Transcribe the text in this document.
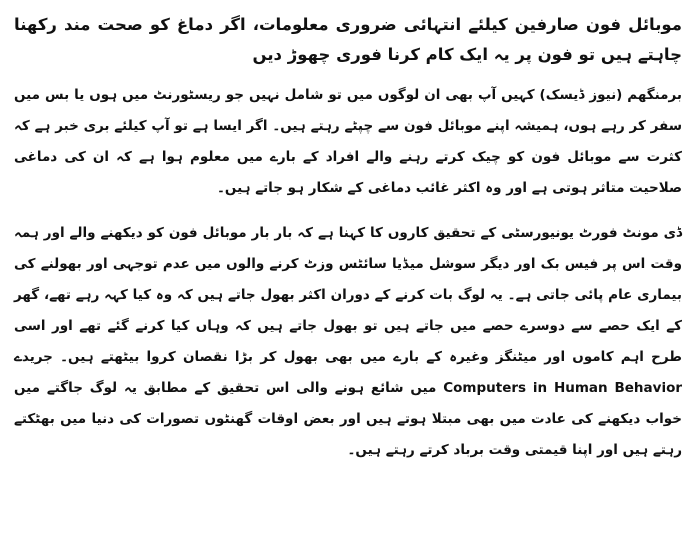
موبائل فون صارفین کیلئے انتہائی ضروری معلومات، اگر دماغ کو صحت مند رکھنا چاہتے ہیں تو فون پر یہ ایک کام کرنا فوری چھوڑ دیں

برمنگھم (نیوز ڈیسک) کہیں آپ بھی ان لوگوں میں تو شامل نہیں جو ریسٹورنٹ میں ہوں یا بس میں سفر کر رہے ہوں، ہمیشہ اپنے موبائل فون سے چپٹے رہتے ہیں۔ اگر ایسا ہے تو آپ کیلئے بری خبر ہے کہ کثرت سے موبائل فون کو چیک کرتے رہنے والے افراد کے بارے میں معلوم ہوا ہے کہ ان کی دماغی صلاحیت متاثر ہوتی ہے اور وہ اکثر غائب دماغی کے شکار ہو جاتے ہیں۔

ڈی مونٹ فورٹ یونیورسٹی کے تحقیق کاروں کا کہنا ہے کہ بار بار موبائل فون کو دیکھنے والے اور ہمہ وقت اس پر فیس بک اور دیگر سوشل میڈیا سائٹس وزٹ کرنے والوں میں عدم توجہی اور بھولنے کی بیماری عام پائی جاتی ہے۔ یہ لوگ بات کرنے کے دوران اکثر بھول جاتے ہیں کہ وہ کیا کہہ رہے تھے، گھر کے ایک حصے سے دوسرے حصے میں جاتے ہیں تو بھول جاتے ہیں کہ وہاں کیا کرنے گئے تھے اور اسی طرح اہم کاموں اور میٹنگز وغیرہ کے بارے میں بھی بھول کر بڑا نقصان کروا بیٹھتے ہیں۔ جریدے Computers in Human Behavior میں شائع ہونے والی اس تحقیق کے مطابق یہ لوگ جاگتے میں خواب دیکھنے کی عادت میں بھی مبتلا ہوتے ہیں اور بعض اوقات گھنٹوں تصورات کی دنیا میں بھٹکتے رہتے ہیں اور اپنا قیمتی وقت برباد کرتے رہتے ہیں۔
